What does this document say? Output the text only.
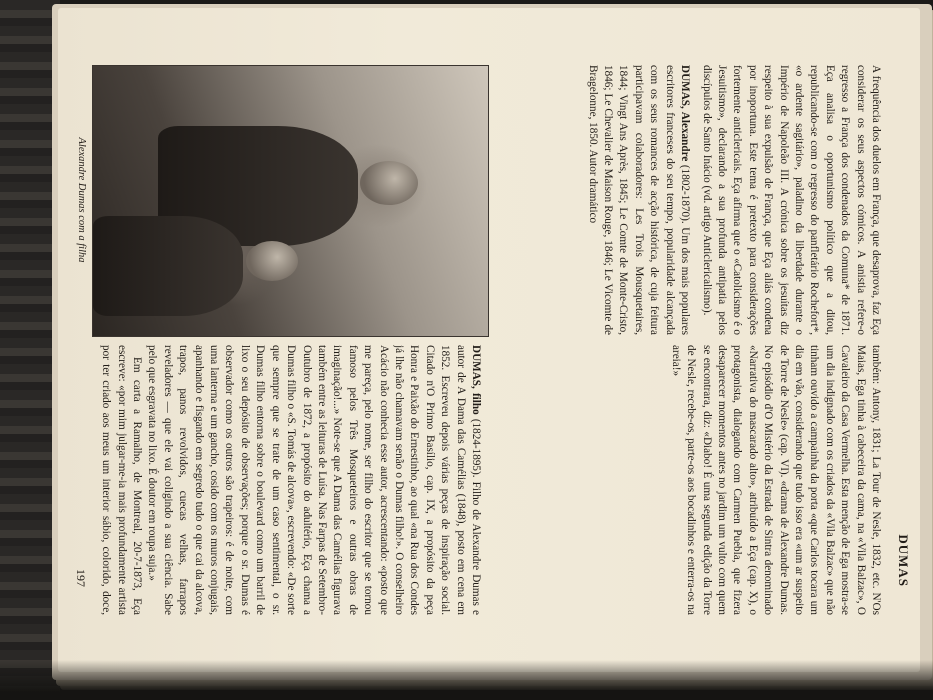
DUMAS

também: Antony, 1831; La Tour de Nesle, 1832, etc. N'Os Maias, Ega tinha à cabeceira da cama, na «Vila Balzac», O Cavaleiro da Casa Vermelha. Esta menção de Ega mostra-se um dia indignado com os criados da «Vila Balzac» que não tinham ouvido a campainha da porta «que Carlos tocara um dia em vão, considerando que tudo isso era «um ar suspeito de Torre de Nesle» (cap. VI). «drama de Alexandre Dumas. No episódio d'O Mistério da Estrada de Sintra denominado «Narrativa do mascarado alto», atribuído a Eça (cap. X), o protagonista, dialogando com Carmen Puebla, que fizera desaparecer momentos antes no jardim um vulto com quem se encontrara, diz: «Diabo! É uma segunda edição da Torre de Nesle, recebe-os, parte-os aos bocadinhos e enterra-os na areia!»

DUMAS, filho (1824-1895). Filho de Alexandre Dumas e autor de A Dama das Camélias (1848), posto em cena em 1852. Escreveu depois várias peças de inspiração social. Citado n'O Primo Basílio, cap. IX, a propósito da peça Honra e Paixão do Ernestinho, ao qual «na Rua dos Condes já lhe não chamavam senão o Dumas filho!». O conselheiro Acácio não conhecia esse autor, acrescentando: «posto que me pareça, pelo nome, ser filho do escritor que se tornou famoso pelos Três Mosqueteiros e outras obras de imaginação!...» Note-se que A Dama das Camélias figurava também entre as leituras de Luísa. Nas Farpas de Setembro-Outubro de 1872, a propósito do adultério, Eça chama a Dumas filho o «S. Tomás de alcova», escrevendo: «De sorte que sempre que se trate de um caso sentimental, o sr. Dumas filho entorna sobre o boulevard como um barril de lixo o seu depósito de observações; porque o sr. Dumas é observador como os outros são trapeiros: é de noite, com uma lanterna e um gancho, cosido com os muros conjugais, apanhando e fisgando em segredo tudo o que cai da alcova, trapos, panos revolvidos, cuecas velhas, farrapos reveladores — que ele vai coligindo a sua ciência. Sabe pelo que esgravata no lixo. É doutor em roupa suja.»

Em carta a Ramalho, de Montreal, 20-7-1873, Eça escreve: «por mim julgar-me-ia mais profundamente artista por ter criado aos meus um interior sábio, colorido, doce,

Alexandre Dumas com a filha	A frequência dos duelos em França, que desaprova, faz Eça considerar os seus aspectos cómicos. A anistia refere-o regresso a França dos condenados da Comuna* de 1871. Eça analisa o oportunismo político que a ditou, republicando-se com o regresso do panfletário Rochefort*, «o ardente sagitário», paladino da liberdade durante o Império de Napoleão III. A crónica sobre os jesuítas diz respeito à sua expulsão de França, que Eça aliás condena por inoportuna. Este tema é pretexto para considerações fortemente anticlericais. Eça afirma que o «Catolicismo é o Jesuitismo», declarando a sua profunda antipatia pelos discípulos de Santo Inácio (vd. artigo Anticlericalismo).

DUMAS, Alexandre (1802-1870). Um dos mais populares escritores franceses do seu tempo, popularidade alcançada com os seus romances de acção histórica, de cuja feitura participavam colaboradores: Les Trois Mousquetaires, 1844; Vingt Ans Après, 1845; Le Comte de Monte-Cristo, 1846; Le Chevalier de Maison Rouge, 1846; Le Vicomte de Bragelonne, 1850. Autor dramático

197
